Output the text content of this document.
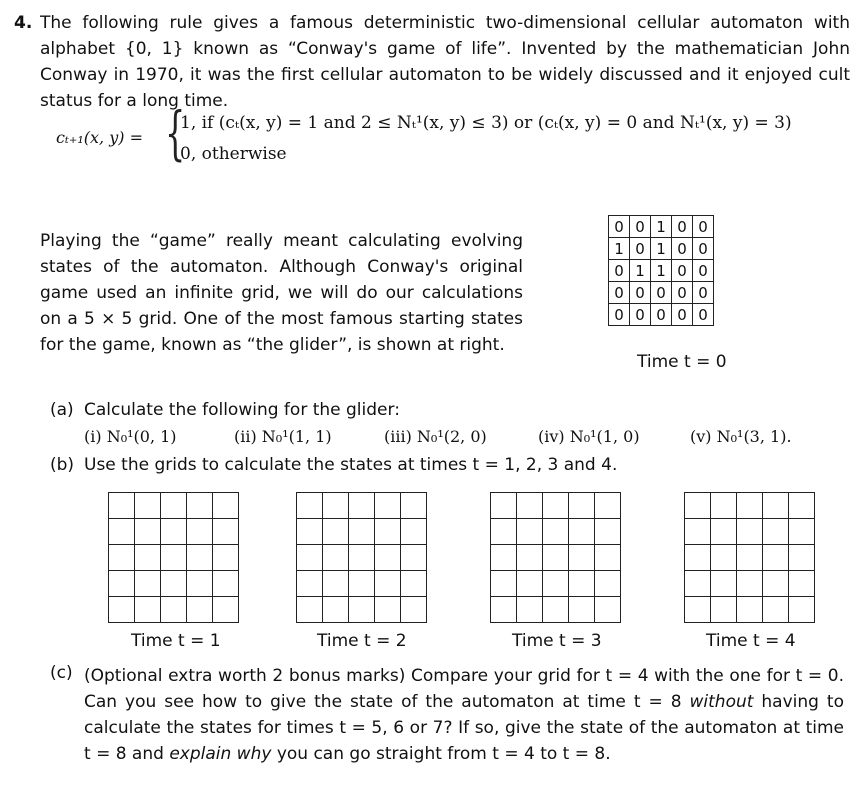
4. The following rule gives a famous deterministic two-dimensional cellular automaton with alphabet {0, 1} known as “Conway's game of life”. Invented by the mathematician John Conway in 1970, it was the first cellular automaton to be widely discussed and it enjoyed cult status for a long time.
cₜ₊₁(x, y) = {
1, if (cₜ(x, y) = 1 and 2 ≤ Nₜ¹(x, y) ≤ 3) or (cₜ(x, y) = 0 and Nₜ¹(x, y) = 3)
0, otherwise
Playing the “game” really meant calculating evolving states of the automaton. Although Conway's original game used an infinite grid, we will do our calculations on a 5 × 5 grid. One of the most famous starting states for the game, known as “the glider”, is shown at right.
0	0	1	0	0
1	0	1	0	0
0	1	1	0	0
0	0	0	0	0
0	0	0	0	0
Time t = 0
(a) Calculate the following for the glider:
(i) N₀¹(0, 1)	(ii) N₀¹(1, 1)	(iii) N₀¹(2, 0)	(iv) N₀¹(1, 0)	(v) N₀¹(3, 1).
(b) Use the grids to calculate the states at times t = 1, 2, 3 and 4.

Time t = 1	Time t = 2	Time t = 3	Time t = 4
(c) (Optional extra worth 2 bonus marks) Compare your grid for t = 4 with the one for t = 0. Can you see how to give the state of the automaton at time t = 8 without having to calculate the states for times t = 5, 6 or 7? If so, give the state of the automaton at time t = 8 and explain why you can go straight from t = 4 to t = 8.
